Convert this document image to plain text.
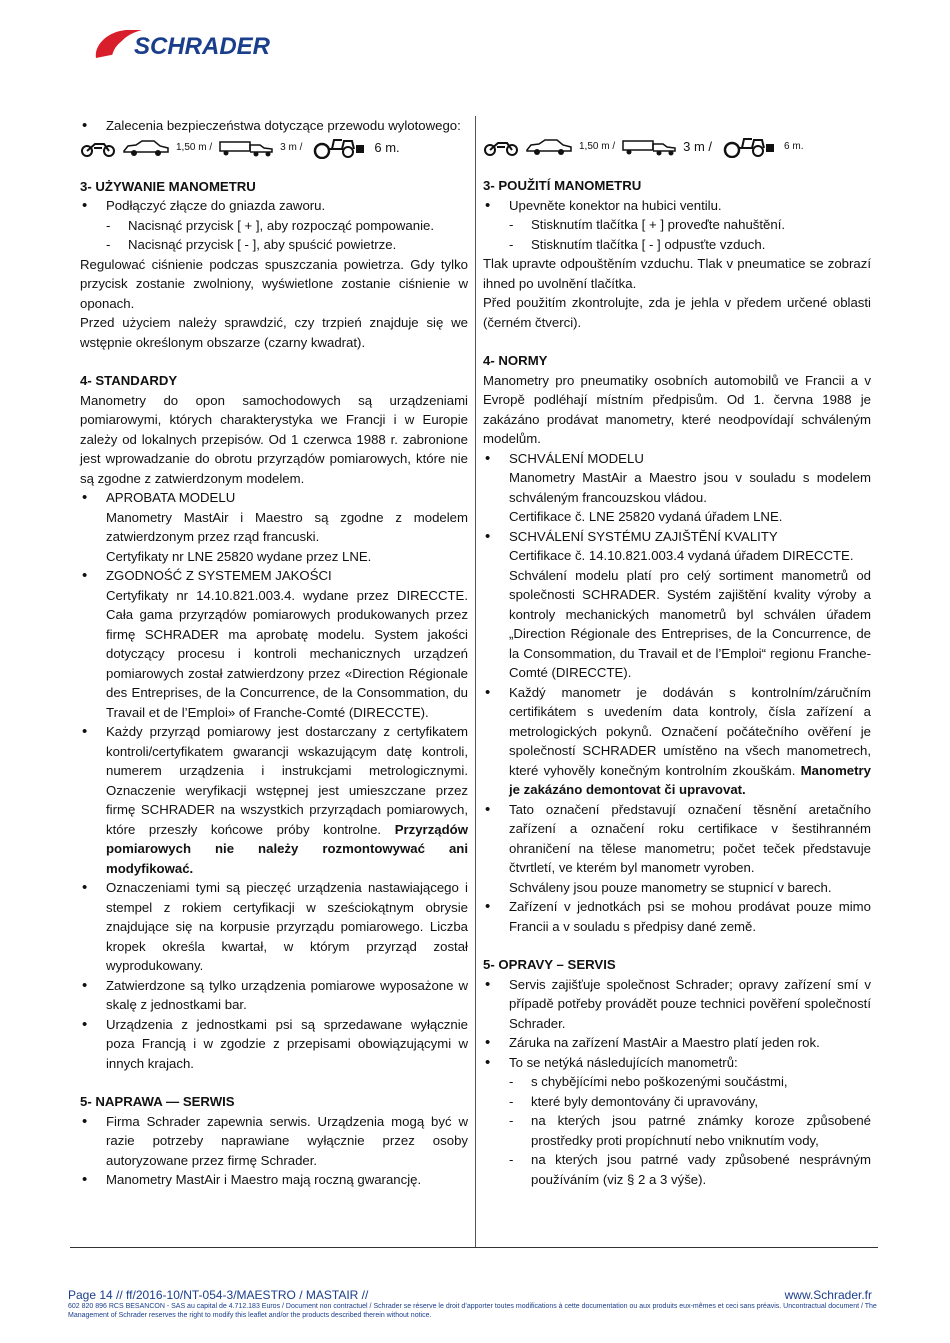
SCHRADER

• Zalecenia bezpieczeństwa dotyczące przewodu wylotowego:

1,50 m /	3 m /	6 m.

3- UŻYWANIE MANOMETRU

• Podłączyć złącze do gniazda zaworu.

- Nacisnąć przycisk [ + ], aby rozpocząć pompowanie.

- Nacisnąć przycisk [ - ], aby spuścić powietrze.

Regulować ciśnienie podczas spuszczania powietrza. Gdy tylko przycisk zostanie zwolniony, wyświetlone zostanie ciśnienie w oponach.

Przed użyciem należy sprawdzić, czy trzpień znajduje się we wstępnie określonym obszarze (czarny kwadrat).

4- STANDARDY

Manometry do opon samochodowych są urządzeniami pomiarowymi, których charakterystyka we Francji i w Europie zależy od lokalnych przepisów. Od 1 czerwca 1988 r. zabronione jest wprowadzanie do obrotu przyrządów pomiarowych, które nie są zgodne z zatwierdzonym modelem.

• APROBATA MODELU

Manometry MastAir i Maestro są zgodne z modelem zatwierdzonym przez rząd francuski.

Certyfikaty nr LNE 25820 wydane przez LNE.

• ZGODNOŚĆ Z SYSTEMEM JAKOŚCI

Certyfikaty nr 14.10.821.003.4. wydane przez DIRECCTE. Cała gama przyrządów pomiarowych produkowanych przez firmę SCHRADER ma aprobatę modelu. System jakości dotyczący procesu i kontroli mechanicznych urządzeń pomiarowych został zatwierdzony przez «Direction Régionale des Entreprises, de la Concurrence, de la Consommation, du Travail et de l’Emploi» of Franche-Comté (DIRECCTE).

• Każdy przyrząd pomiarowy jest dostarczany z certyfikatem kontroli/certyfikatem gwarancji wskazującym datę kontroli, numerem urządzenia i instrukcjami metrologicznymi. Oznaczenie weryfikacji wstępnej jest umieszczane przez firmę SCHRADER na wszystkich przyrządach pomiarowych, które przeszły końcowe próby kontrolne. Przyrządów pomiarowych nie należy rozmontowywać ani modyfikować.

• Oznaczeniami tymi są pieczęć urządzenia nastawiającego i stempel z rokiem certyfikacji w sześciokątnym obrysie znajdujące się na korpusie przyrządu pomiarowego. Liczba kropek określa kwartał, w którym przyrząd został wyprodukowany.

• Zatwierdzone są tylko urządzenia pomiarowe wyposażone w skalę z jednostkami bar.

• Urządzenia z jednostkami psi są sprzedawane wyłącznie poza Francją i w zgodzie z przepisami obowiązującymi w innych krajach.

5- NAPRAWA — SERWIS

• Firma Schrader zapewnia serwis. Urządzenia mogą być w razie potrzeby naprawiane wyłącznie przez osoby autoryzowane przez firmę Schrader.

• Manometry MastAir i Maestro mają roczną gwarancję.

1,50 m /	3 m /	6 m.

3- POUŽITÍ MANOMETRU

• Upevněte konektor na hubici ventilu.

- Stisknutím tlačítka [ + ] proveďte nahuštění.

- Stisknutím tlačítka [ - ] odpusťte vzduch.

Tlak upravte odpouštěním vzduchu. Tlak v pneumatice se zobrazí ihned po uvolnění tlačítka.

Před použitím zkontrolujte, zda je jehla v předem určené oblasti (černém čtverci).

4- NORMY

Manometry pro pneumatiky osobních automobilů ve Francii a v Evropě podléhají místním předpisům. Od 1. června 1988 je zakázáno prodávat manometry, které neodpovídají schváleným modelům.

• SCHVÁLENÍ MODELU

Manometry MastAir a Maestro jsou v souladu s modelem schváleným francouzskou vládou.

Certifikace č. LNE 25820 vydaná úřadem LNE.

• SCHVÁLENÍ SYSTÉMU ZAJIŠTĚNÍ KVALITY

Certifikace č. 14.10.821.003.4 vydaná úřadem DIRECCTE.

Schválení modelu platí pro celý sortiment manometrů od společnosti SCHRADER. Systém zajištění kvality výroby a kontroly mechanických manometrů byl schválen úřadem „Direction Régionale des Entreprises, de la Concurrence, de la Consommation, du Travail et de l’Emploi“ regionu Franche-Comté (DIRECCTE).

• Každý manometr je dodáván s kontrolním/záručním certifikátem s uvedením data kontroly, čísla zařízení a metrologických pokynů. Označení počátečního ověření je společností SCHRADER umístěno na všech manometrech, které vyhověly konečným kontrolním zkouškám. Manometry je zakázáno demontovat či upravovat.

• Tato označení představují označení těsnění aretačního zařízení a označení roku certifikace v šestihranném ohraničení na tělese manometru; počet teček představuje čtvrtletí, ve kterém byl manometr vyroben.

Schváleny jsou pouze manometry se stupnicí v barech.

• Zařízení v jednotkách psi se mohou prodávat pouze mimo Francii a v souladu s předpisy dané země.

5- OPRAVY – SERVIS

• Servis zajišťuje společnost Schrader; opravy zařízení smí v případě potřeby provádět pouze technici pověření společností Schrader.

• Záruka na zařízení MastAir a Maestro platí jeden rok.

• To se netýká následujících manometrů:

- s chybějícími nebo poškozenými součástmi,

- které byly demontovány či upravovány,

- na kterých jsou patrné známky koroze způsobené prostředky proti propíchnutí nebo vniknutím vody,

- na kterých jsou patrné vady způsobené nesprávným používáním (viz § 2 a 3 výše).

Page 14 // ff/2016-10/NT-054-3/MAESTRO / MASTAIR //	www.Schrader.fr
602 820 896 RCS BESANCON - SAS au capital de 4.712.183 Euros / Document non contractuel / Schrader se réserve le droit d’apporter toutes modifications à cette documentation ou aux produits eux-mêmes et ceci sans préavis. Uncontractual document / The Management of Schrader reserves the right to modify this leaflet and/or the products described therein without notice.
